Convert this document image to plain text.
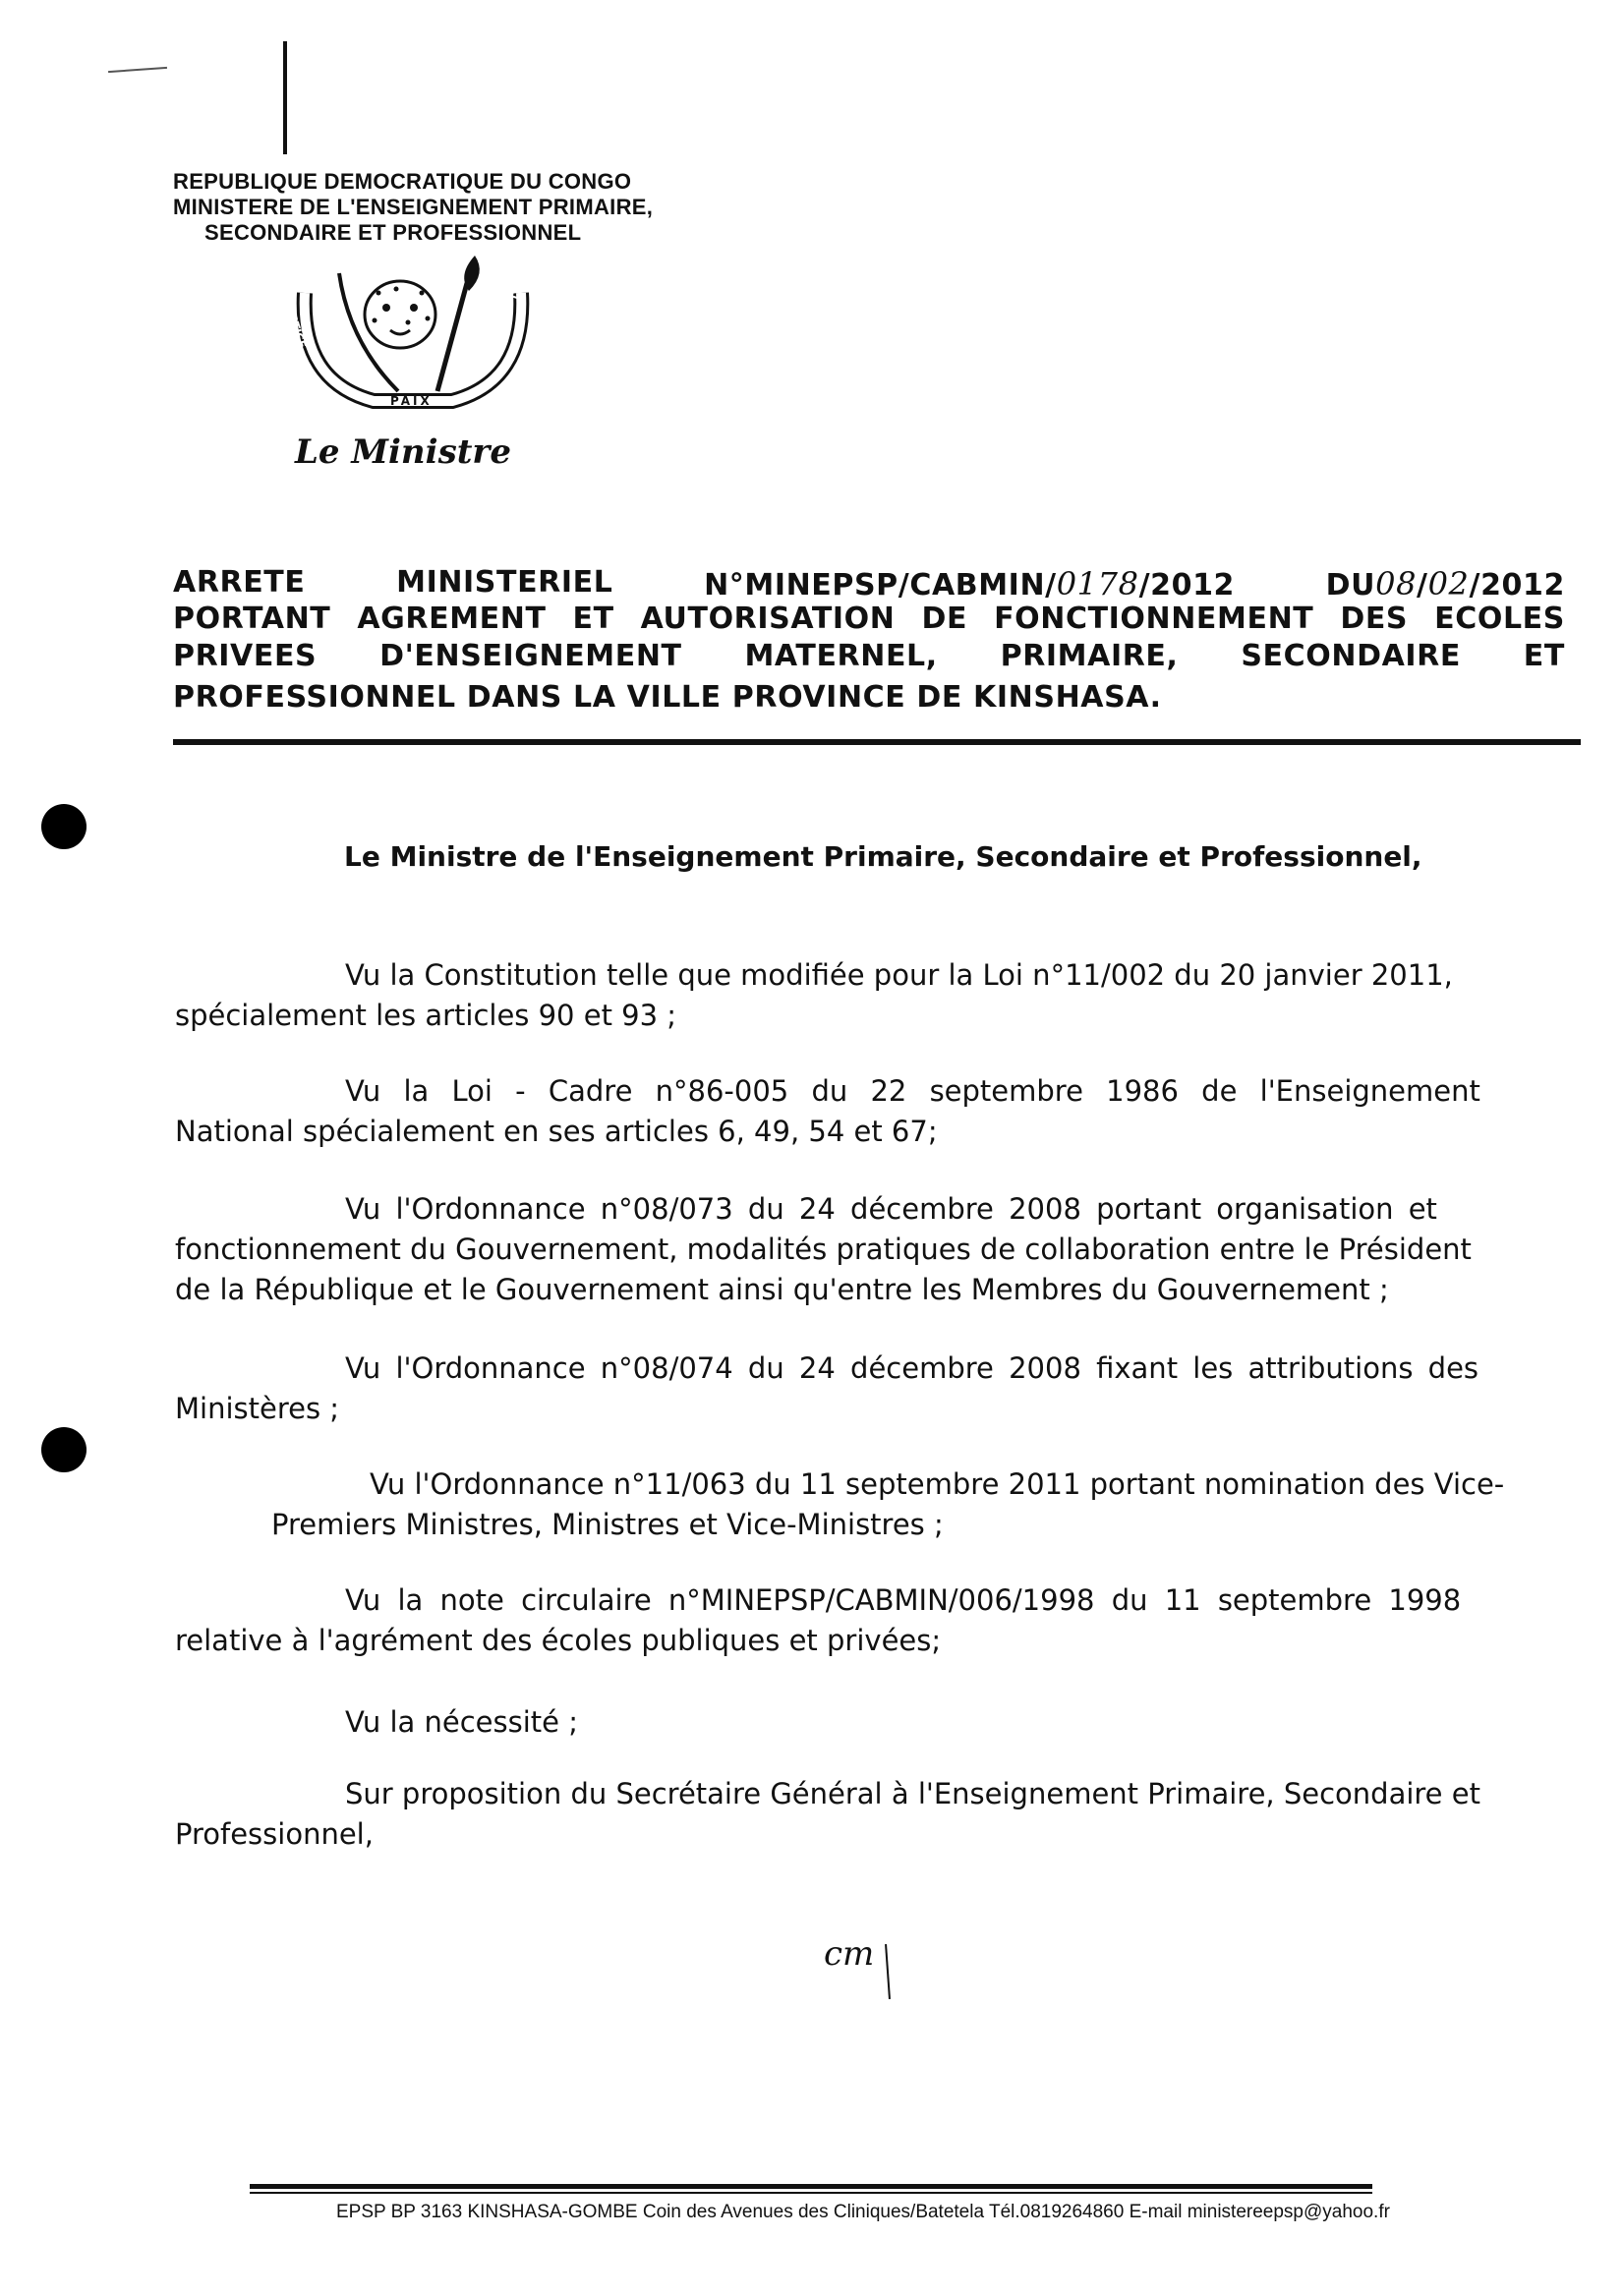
REPUBLIQUE DEMOCRATIQUE DU CONGO
MINISTERE DE L'ENSEIGNEMENT PRIMAIRE,
SECONDAIRE ET PROFESSIONNEL
JUSTICE
PAIX
TRAVAIL
Le Ministre
ARRETE	MINISTERIEL	N°MINEPSP/CABMIN/0178/2012	DU08/02/2012
PORTANT AGREMENT ET AUTORISATION DE FONCTIONNEMENT DES ECOLES
PRIVEES D'ENSEIGNEMENT MATERNEL, PRIMAIRE, SECONDAIRE ET
PROFESSIONNEL DANS LA VILLE PROVINCE DE KINSHASA.
Le Ministre de l'Enseignement Primaire, Secondaire et Professionnel,
Vu la Constitution telle que modifiée pour la Loi n°11/002 du 20 janvier 2011,
spécialement les articles 90 et 93 ;
Vu la Loi - Cadre n°86-005 du 22 septembre 1986 de l'Enseignement
National spécialement en ses articles 6, 49, 54 et 67;
Vu l'Ordonnance n°08/073 du 24 décembre 2008 portant organisation et
fonctionnement du Gouvernement, modalités pratiques de collaboration entre le Président
de la République et le Gouvernement ainsi qu'entre les Membres du Gouvernement ;
Vu l'Ordonnance n°08/074 du 24 décembre 2008 fixant les attributions des
Ministères ;
Vu l'Ordonnance n°11/063 du 11 septembre 2011 portant nomination des Vice-
Premiers Ministres, Ministres et Vice-Ministres ;
Vu la note circulaire n°MINEPSP/CABMIN/006/1998 du 11 septembre 1998
relative à l'agrément des écoles publiques et privées;
Vu la nécessité ;
Sur proposition du Secrétaire Général à l'Enseignement Primaire, Secondaire et
Professionnel,
cm
EPSP BP 3163 KINSHASA-GOMBE Coin des Avenues des Cliniques/Batetela Tél.0819264860 E-mail ministereepsp@yahoo.fr
